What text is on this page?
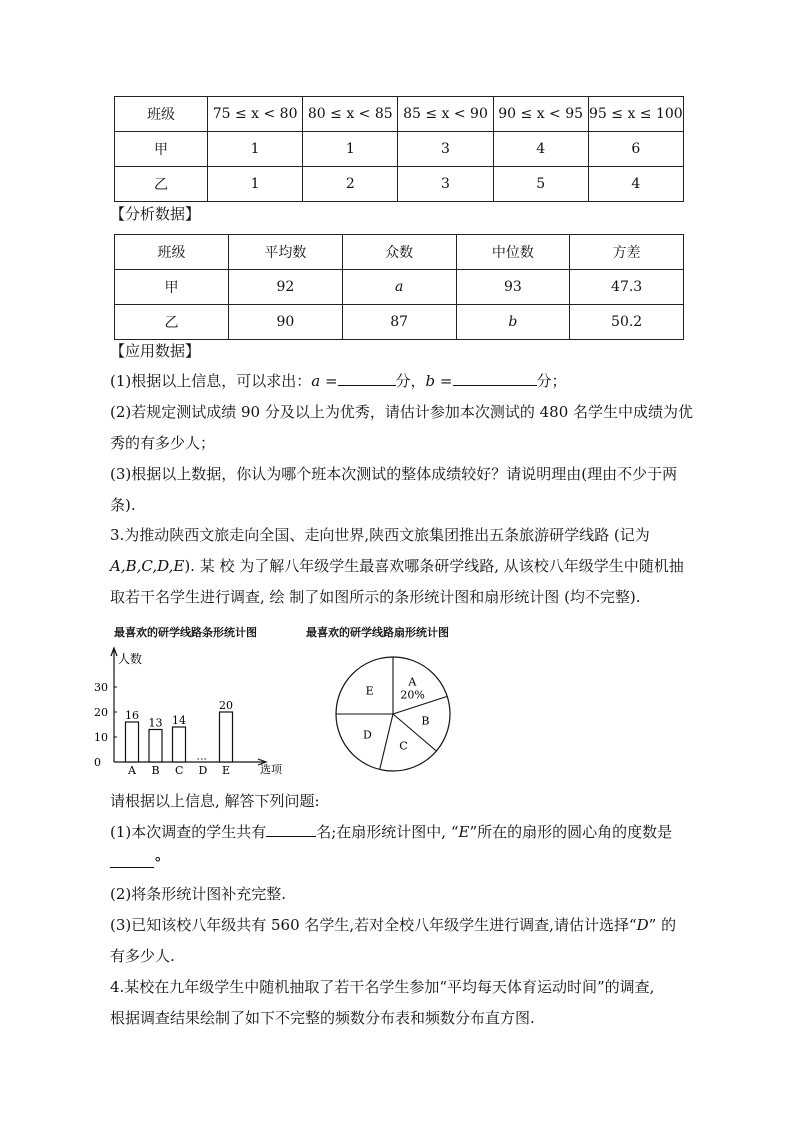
班级	75 ≤ x < 80	80 ≤ x < 85	85 ≤ x < 90	90 ≤ x < 95	95 ≤ x ≤ 100
甲	1	1	3	4	6
乙	1	2	3	5	4

【分析数据】

班级	平均数	众数	中位数	方差
甲	92	a	93	47.3
乙	90	87	b	50.2

【应用数据】

(1)根据以上信息，可以求出：a =	分，b =	分；

(2)若规定测试成绩 90 分及以上为优秀，请估计参加本次测试的 480 名学生中成绩为优
秀的有多少人；

(3)根据以上数据，你认为哪个班本次测试的整体成绩较好？请说明理由(理由不少于两
条).

3.为推动陕西文旅走向全国、走向世界,陕西文旅集团推出五条旅游研学线路 (记为
A,B,C,D,E). 某 校 为了解八年级学生最喜欢哪条研学线路, 从该校八年级学生中随机抽
取若干名学生进行调查, 绘 制了如图所示的条形统计图和扇形统计图 (均不完整).

最喜欢的研学线路条形统计图	最喜欢的研学线路扇形统计图
人数
选项
0
10
20
30
A
16
B
13
C
14
D E
20
A
20%
B
C
D
E

请根据以上信息, 解答下列问题:

(1)本次调查的学生共有	名;在扇形统计图中, “E”所在的扇形的圆心角的度数是
°

(2)将条形统计图补充完整.

(3)已知该校八年级共有 560 名学生,若对全校八年级学生进行调查,请估计选择“D” 的
有多少人.

4.某校在九年级学生中随机抽取了若干名学生参加“平均每天体育运动时间”的调查,
根据调查结果绘制了如下不完整的频数分布表和频数分布直方图.
